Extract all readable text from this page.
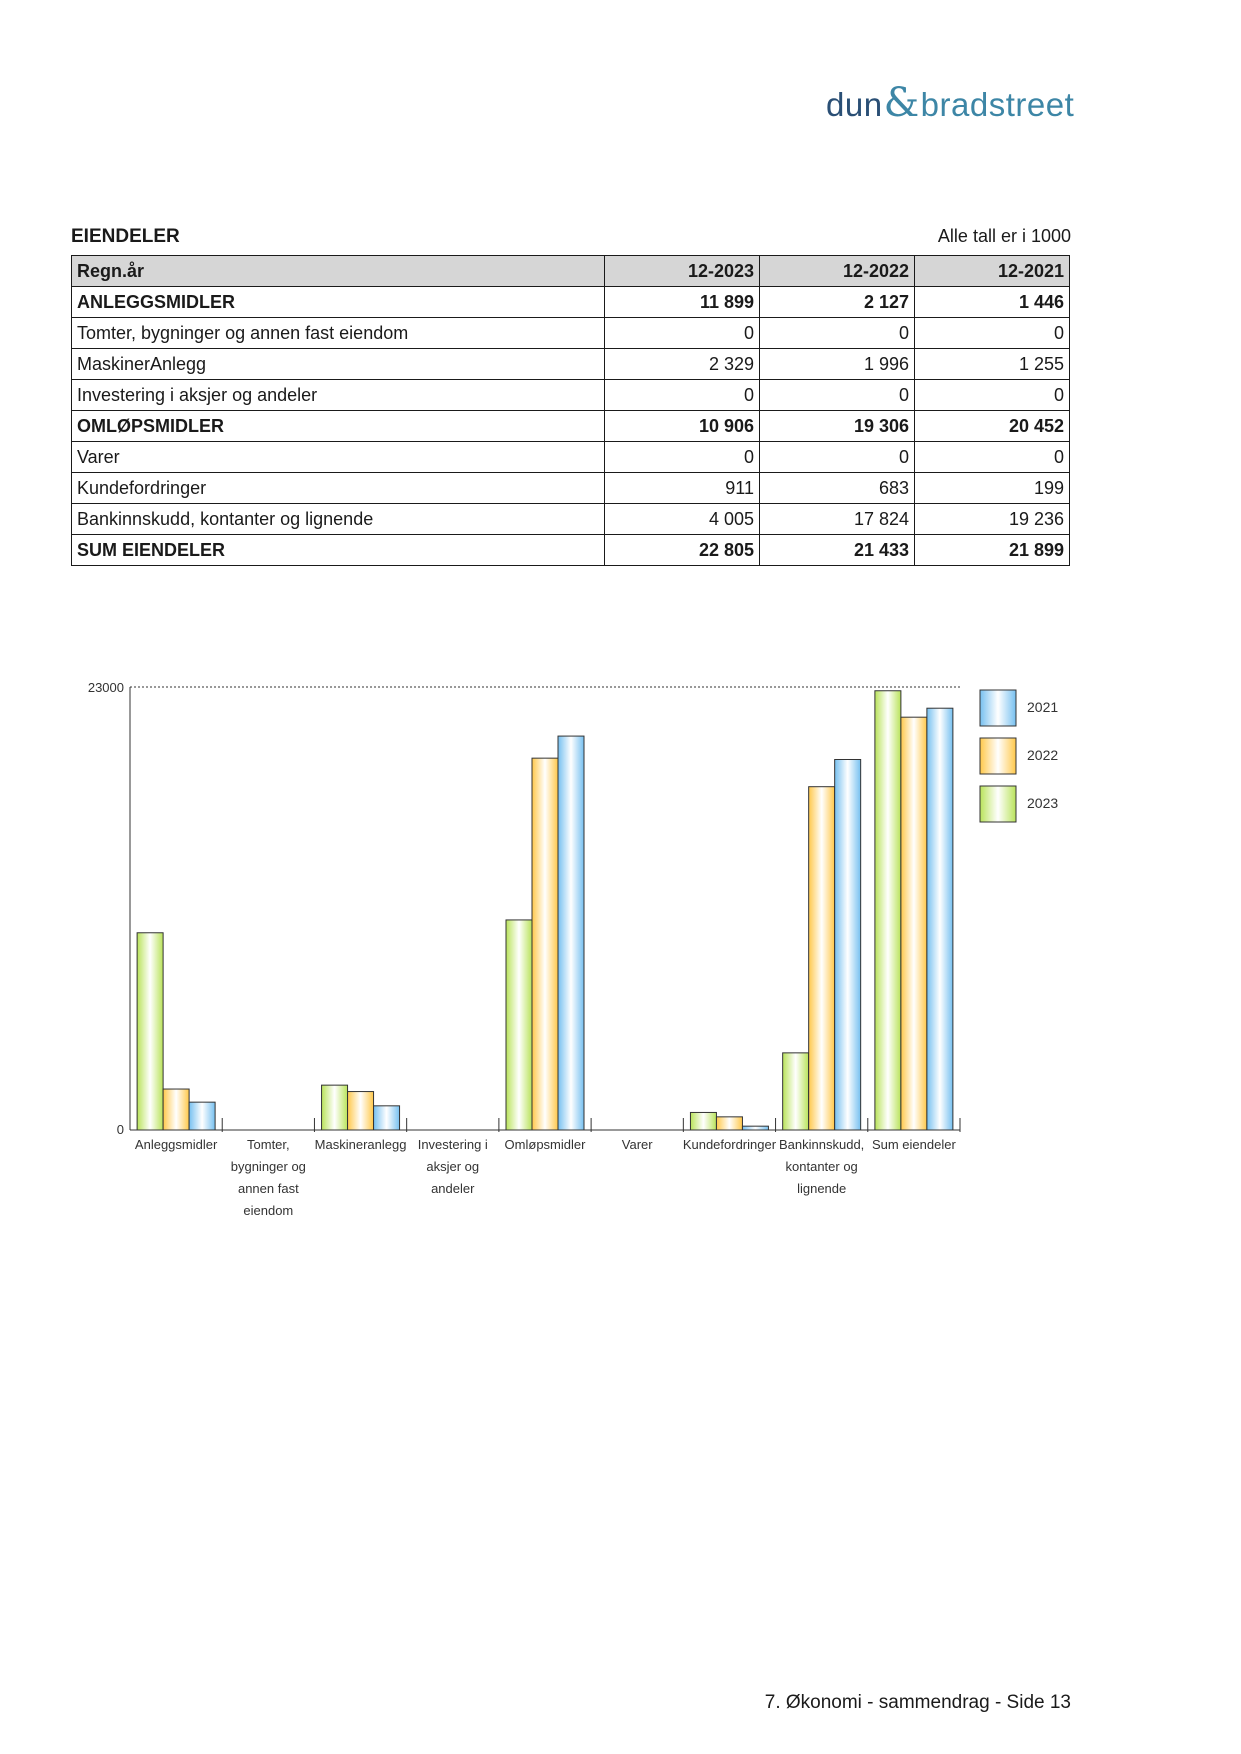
dun & bradstreet
EIENDELER	Alle tall er i 1000
Regn.år	12-2023	12-2022	12-2021
ANLEGGSMIDLER	11 899	2 127	1 446
Tomter, bygninger og annen fast eiendom	0	0	0
MaskinerAnlegg	2 329	1 996	1 255
Investering i aksjer og andeler	0	0	0
OMLØPSMIDLER	10 906	19 306	20 452
Varer	0	0	0
Kundefordringer	911	683	199
Bankinnskudd, kontanter og lignende	4 005	17 824	19 236
SUM EIENDELER	22 805	21 433	21 899
23000
0
Anleggsmidler	Tomter, bygninger og annen fast eiendom
Maskineranlegg Investering i aksjer og andeler
Omløpsmidler	Varer Kundefordringer Bankinnskudd, kontanter og lignende
Sum eiendeler
2021
2022
2023
7. Økonomi - sammendrag - Side 13
